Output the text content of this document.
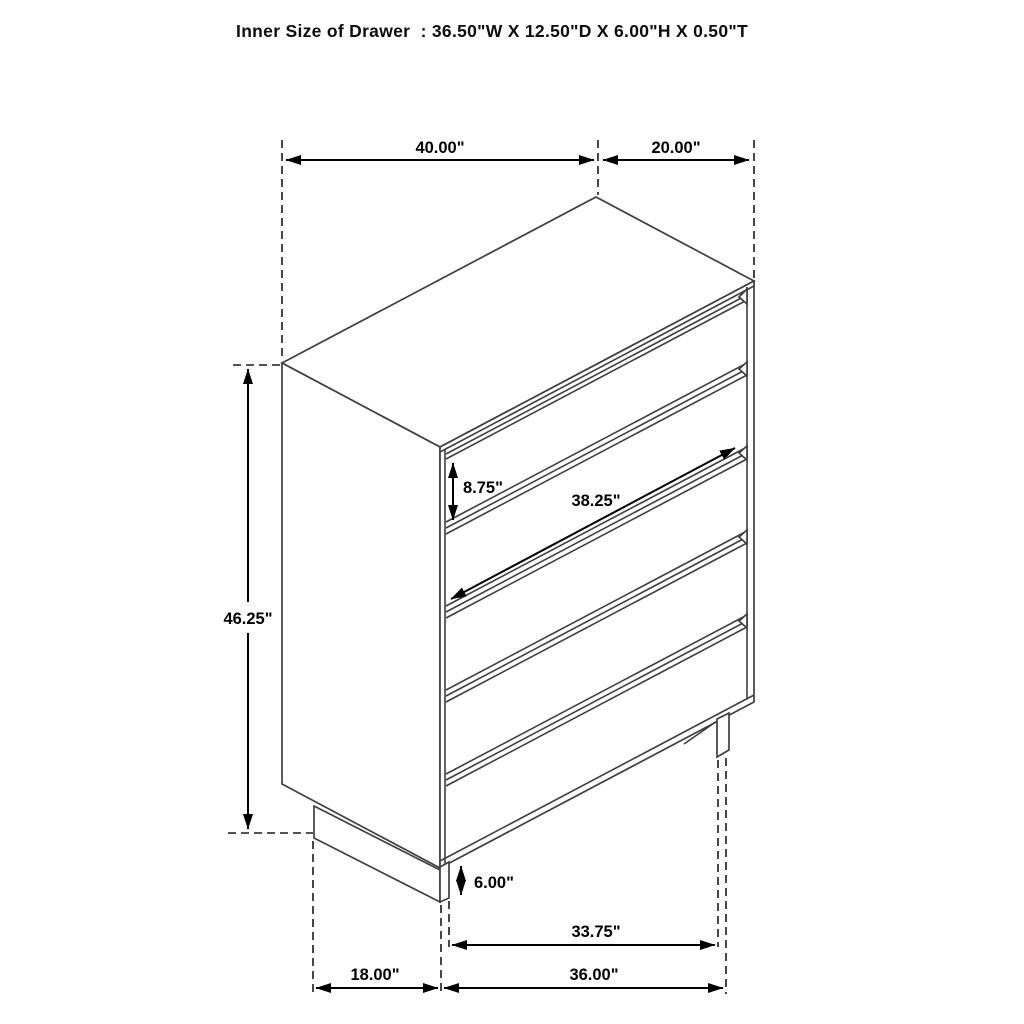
Inner Size of Drawer  : 36.50"W X 12.50"D X 6.00"H X 0.50"T
40.00"	20.00"
46.25"
8.75"
38.25"
6.00"
33.75"
36.00"
18.00"
